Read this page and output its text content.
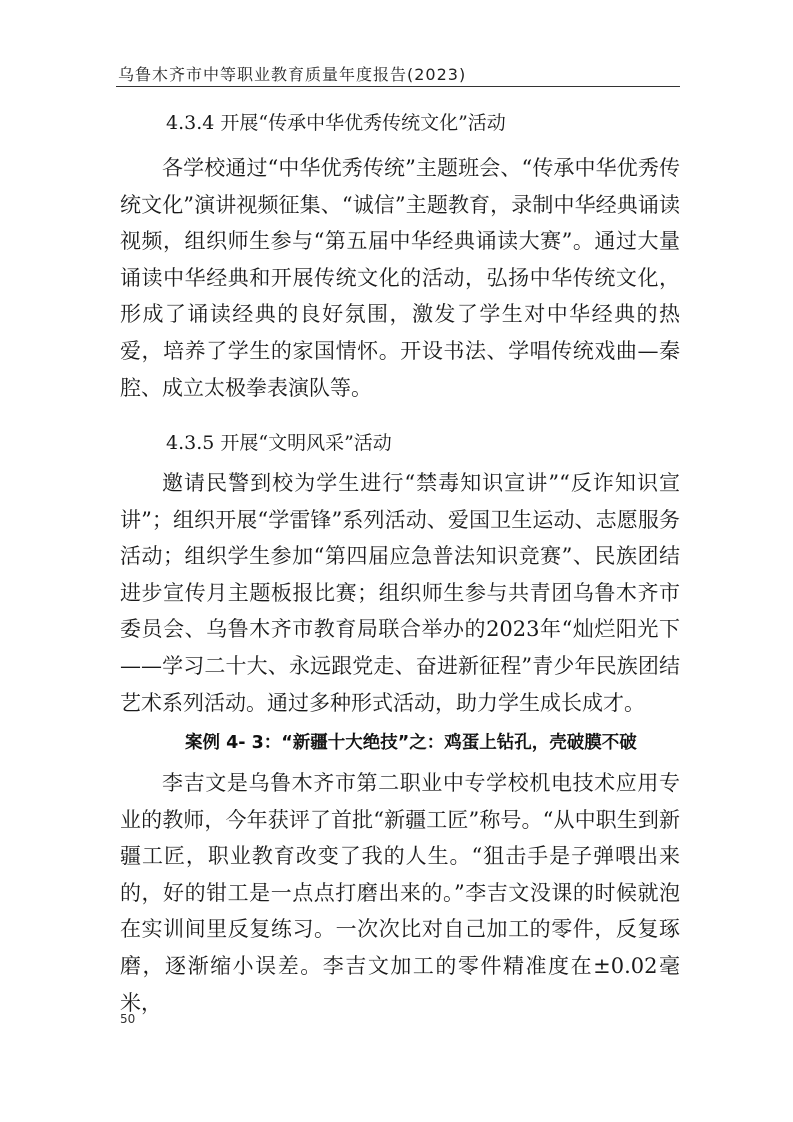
乌鲁木齐市中等职业教育质量年度报告(2023)
4.3.4 开展“传承中华优秀传统文化”活动

各学校通过“中华优秀传统”主题班会、“传承中华优秀传统文化”演讲视频征集、“诚信”主题教育，录制中华经典诵读视频，组织师生参与“第五届中华经典诵读大赛”。通过大量诵读中华经典和开展传统文化的活动，弘扬中华传统文化，形成了诵读经典的良好氛围，激发了学生对中华经典的热爱，培养了学生的家国情怀。开设书法、学唱传统戏曲—秦腔、成立太极拳表演队等。

4.3.5 开展“文明风采”活动

邀请民警到校为学生进行“禁毒知识宣讲”“反诈知识宣讲”；组织开展“学雷锋”系列活动、爱国卫生运动、志愿服务活动；组织学生参加“第四届应急普法知识竞赛”、民族团结进步宣传月主题板报比赛；组织师生参与共青团乌鲁木齐市委员会、乌鲁木齐市教育局联合举办的2023年“灿烂阳光下——学习二十大、永远跟党走、奋进新征程”青少年民族团结艺术系列活动。通过多种形式活动，助力学生成长成才。

案例 4- 3：“新疆十大绝技”之：鸡蛋上钻孔，壳破膜不破

李吉文是乌鲁木齐市第二职业中专学校机电技术应用专业的教师，今年获评了首批“新疆工匠”称号。“从中职生到新疆工匠，职业教育改变了我的人生。“狙击手是子弹喂出来的，好的钳工是一点点打磨出来的。”李吉文没课的时候就泡在实训间里反复练习。一次次比对自己加工的零件，反复琢磨，逐渐缩小误差。李吉文加工的零件精准度在±0.02毫米，

50
